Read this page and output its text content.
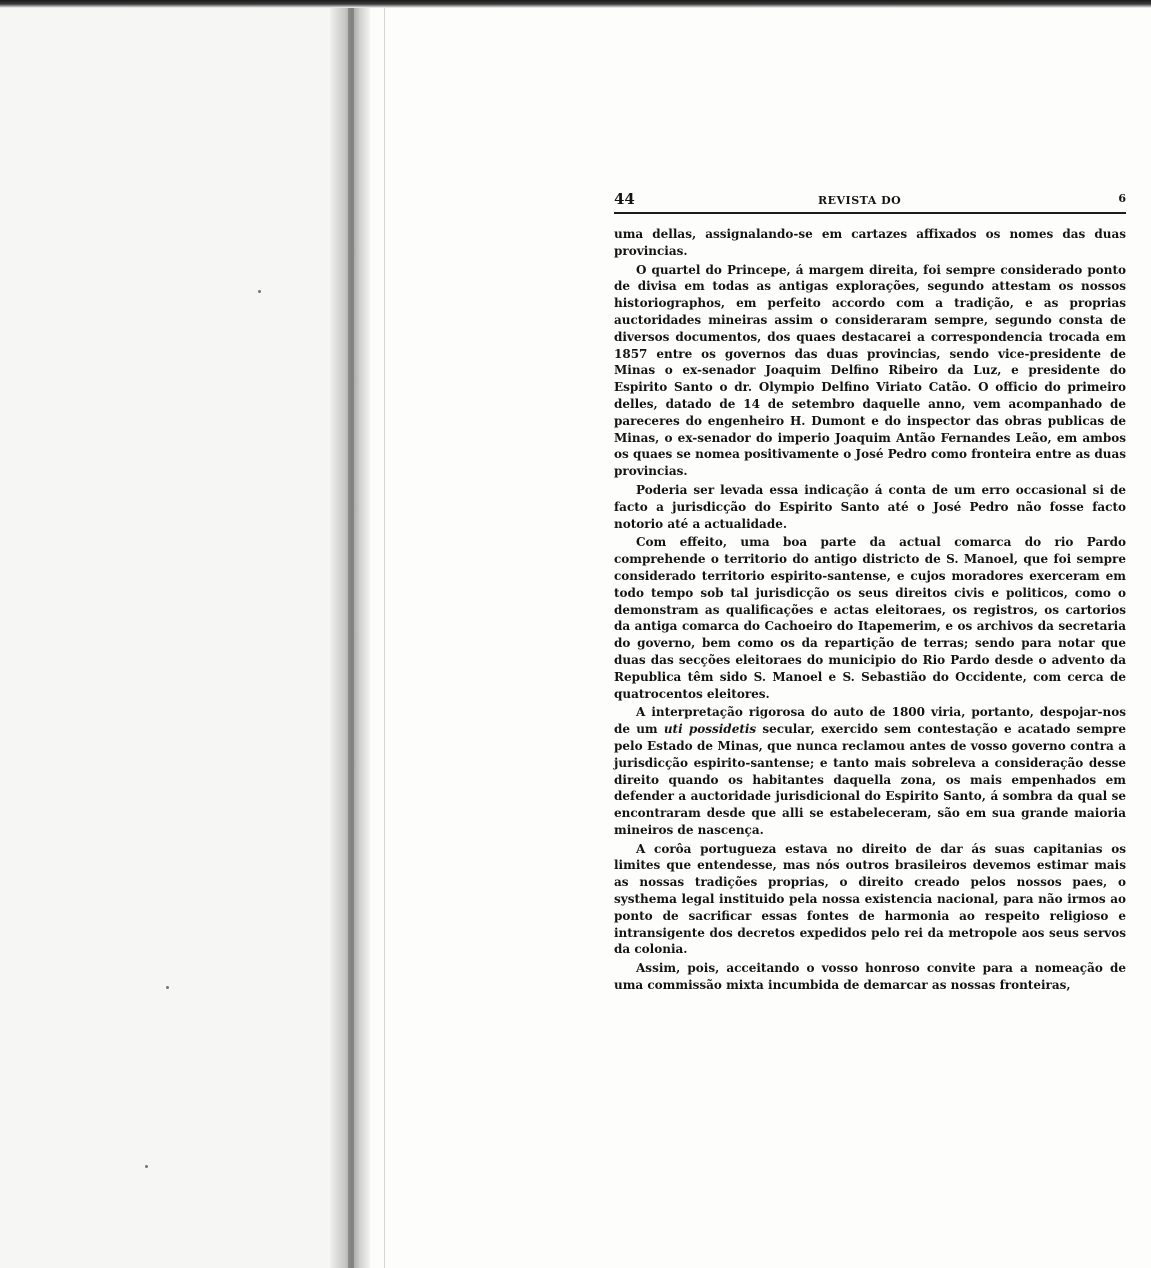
44	REVISTA DO	6

uma dellas, assignalando-se em cartazes affixados os nomes das duas provincias.

O quartel do Princepe, á margem direita, foi sempre considerado ponto de divisa em todas as antigas explorações, segundo attestam os nossos historiographos, em perfeito accordo com a tradição, e as proprias auctoridades mineiras assim o consideraram sempre, segundo consta de diversos documentos, dos quaes destacarei a correspondencia trocada em 1857 entre os governos das duas provincias, sendo vice-presidente de Minas o ex-senador Joaquim Delfino Ribeiro da Luz, e presidente do Espirito Santo o dr. Olympio Delfino Viriato Catão. O officio do primeiro delles, datado de 14 de setembro daquelle anno, vem acompanhado de pareceres do engenheiro H. Dumont e do inspector das obras publicas de Minas, o ex-senador do imperio Joaquim Antão Fernandes Leão, em ambos os quaes se nomea positivamente o José Pedro como fronteira entre as duas provincias.

Poderia ser levada essa indicação á conta de um erro occasional si de facto a jurisdicção do Espirito Santo até o José Pedro não fosse facto notorio até a actualidade.

Com effeito, uma boa parte da actual comarca do rio Pardo comprehende o territorio do antigo districto de S. Manoel, que foi sempre considerado territorio espirito-santense, e cujos moradores exerceram em todo tempo sob tal jurisdicção os seus direitos civis e politicos, como o demonstram as qualificações e actas eleitoraes, os registros, os cartorios da antiga comarca do Cachoeiro do Itapemerim, e os archivos da secretaria do governo, bem como os da repartição de terras; sendo para notar que duas das secções eleitoraes do municipio do Rio Pardo desde o advento da Republica têm sido S. Manoel e S. Sebastião do Occidente, com cerca de quatrocentos eleitores.

A interpretação rigorosa do auto de 1800 viria, portanto, despojar-nos de um uti possidetis secular, exercido sem contestação e acatado sempre pelo Estado de Minas, que nunca reclamou antes de vosso governo contra a jurisdicção espirito-santense; e tanto mais sobreleva a consideração desse direito quando os habitantes daquella zona, os mais empenhados em defender a auctoridade jurisdicional do Espirito Santo, á sombra da qual se encontraram desde que alli se estabeleceram, são em sua grande maioria mineiros de nascença.

A corôa portugueza estava no direito de dar ás suas capitanias os limites que entendesse, mas nós outros brasileiros devemos estimar mais as nossas tradições proprias, o direito creado pelos nossos paes, o systhema legal instituido pela nossa existencia nacional, para não irmos ao ponto de sacrificar essas fontes de harmonia ao respeito religioso e intransigente dos decretos expedidos pelo rei da metropole aos seus servos da colonia.

Assim, pois, acceitando o vosso honroso convite para a nomeação de uma commissão mixta incumbida de demarcar as nossas fronteiras,
